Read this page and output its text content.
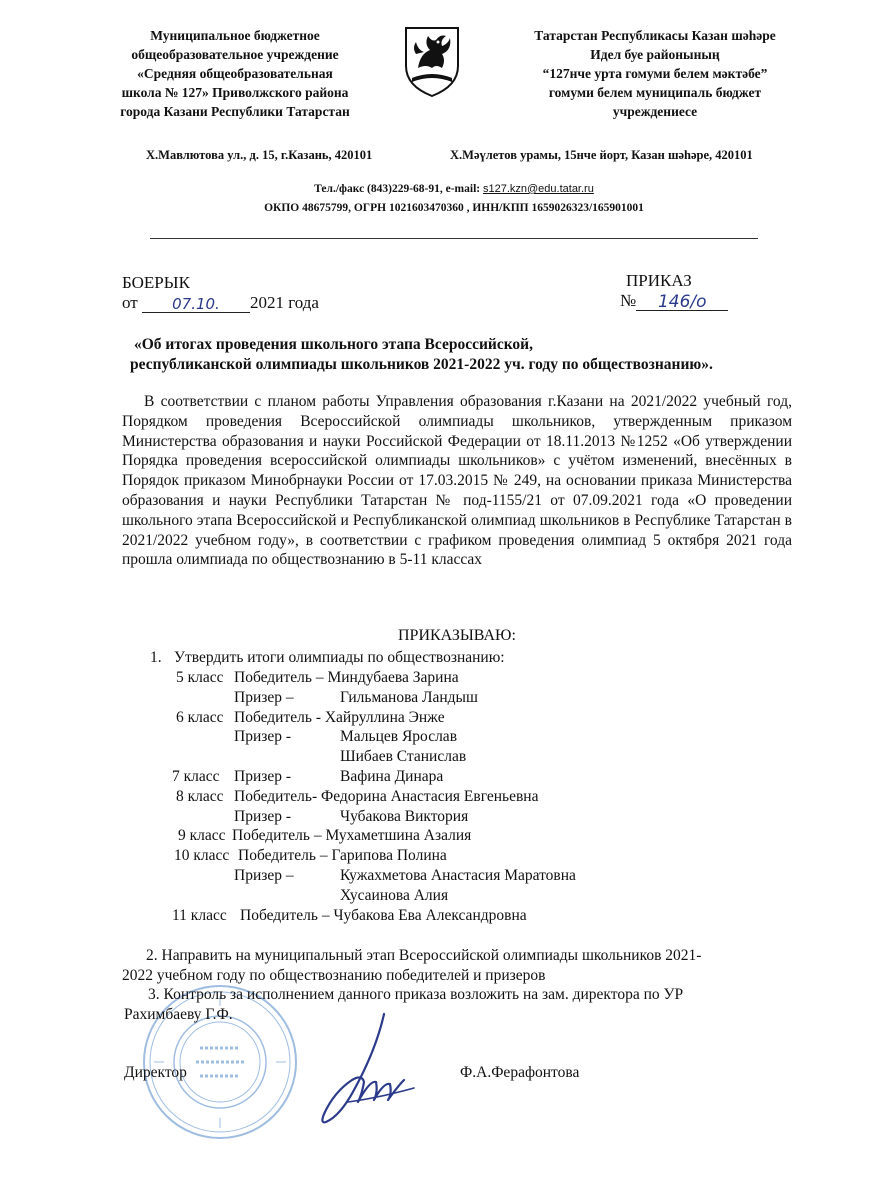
Муниципальное бюджетное
общеобразовательное учреждение
«Средняя общеобразовательная
школа № 127» Приволжского района
города Казани Республики Татарстан
Татарстан Республикасы Казан шәһәре
Идел буе районының
“127нче урта гомуми белем мәктәбе”
гомуми белем муниципаль бюджет
учреждениесе
Х.Мавлютова ул., д. 15, г.Казань, 420101	Х.Мәүлетов урамы, 15нче йорт, Казан шәһәре, 420101
Тел./факс (843)229-68-91, e-mail: s127.kzn@edu.tatar.ru
ОКПО 48675799, ОГРН 1021603470360 , ИНН/КПП 1659026323/165901001
БОЕРЫК	ПРИКАЗ
от 07.10. 2021 года	№ 146/о
«Об итогах проведения школьного этапа Всероссийской,
республиканской олимпиады школьников 2021-2022 уч. году по обществознанию».
В соответствии с планом работы Управления образования г.Казани на 2021/2022 учебный год, Порядком проведения Всероссийской олимпиады школьников, утвержденным приказом Министерства образования и науки Российской Федерации от 18.11.2013 №1252 «Об утверждении Порядка проведения всероссийской олимпиады школьников» с учётом изменений, внесённых в Порядок приказом Минобрнауки России от 17.03.2015 № 249, на основании приказа Министерства образования и науки Республики Татарстан № под-1155/21 от 07.09.2021 года «О проведении школьного этапа Всероссийской и Республиканской олимпиад школьников в Республике Татарстан в 2021/2022 учебном году», в соответствии с графиком проведения олимпиад 5 октября 2021 года прошла олимпиада по обществознанию в 5-11 классах
ПРИКАЗЫВАЮ:
1. Утвердить итоги олимпиады по обществознанию:
5 класс Победитель – Миндубаева Зарина
Призер –	Гильманова Ландыш
6 класс Победитель - Хайруллина Энже
Призер -	Мальцев Ярослав
Шибаев Станислав
7 класс Призер -	Вафина Динара
8 класс Победитель- Федорина Анастасия Евгеньевна
Призер -	Чубакова Виктория
9 класс Победитель – Мухаметшина Азалия
10 класс Победитель – Гарипова Полина
Призер –	Кужахметова Анастасия Маратовна
Хусаинова Алия
11 класс Победитель – Чубакова Ева Александровна
2. Направить на муниципальный этап Всероссийской олимпиады школьников 2021-
2022 учебном году по обществознанию победителей и призеров
3. Контроль за исполнением данного приказа возложить на зам. директора по УР
Рахимбаеву Г.Ф.
Директор	Ф.А.Ферафонтова
